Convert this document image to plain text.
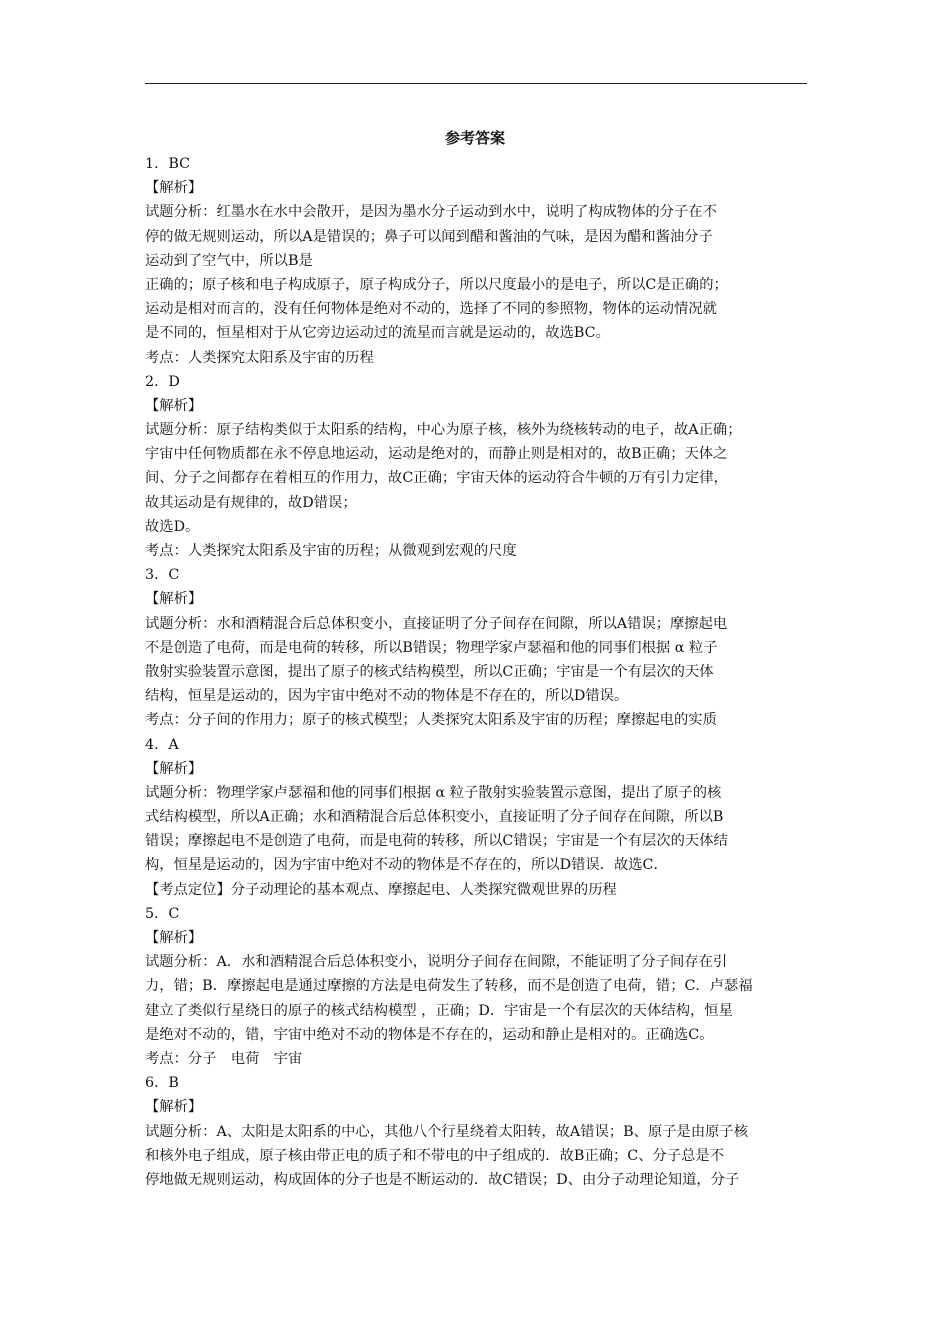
参考答案
1．BC
【解析】
试题分析：红墨水在水中会散开，是因为墨水分子运动到水中，说明了构成物体的分子在不
停的做无规则运动，所以A是错误的；鼻子可以闻到醋和酱油的气味，是因为醋和酱油分子
运动到了空气中，所以B是
正确的；原子核和电子构成原子，原子构成分子，所以尺度最小的是电子，所以C是正确的；
运动是相对而言的，没有任何物体是绝对不动的，选择了不同的参照物，物体的运动情况就
是不同的，恒星相对于从它旁边运动过的流星而言就是运动的，故选BC。
考点：人类探究太阳系及宇宙的历程
2．D
【解析】
试题分析：原子结构类似于太阳系的结构，中心为原子核，核外为绕核转动的电子，故A正确；
宇宙中任何物质都在永不停息地运动，运动是绝对的，而静止则是相对的，故B正确；天体之
间、分子之间都存在着相互的作用力，故C正确；宇宙天体的运动符合牛顿的万有引力定律，
故其运动是有规律的，故D错误；
故选D。
考点：人类探究太阳系及宇宙的历程；从微观到宏观的尺度
3．C
【解析】
试题分析：水和酒精混合后总体积变小，直接证明了分子间存在间隙，所以A错误；摩擦起电
不是创造了电荷，而是电荷的转移，所以B错误；物理学家卢瑟福和他的同事们根据 α 粒子
散射实验装置示意图，提出了原子的核式结构模型，所以C正确；宇宙是一个有层次的天体
结构，恒星是运动的，因为宇宙中绝对不动的物体是不存在的，所以D错误。
考点：分子间的作用力；原子的核式模型；人类探究太阳系及宇宙的历程；摩擦起电的实质
4．A
【解析】
试题分析：物理学家卢瑟福和他的同事们根据 α 粒子散射实验装置示意图，提出了原子的核
式结构模型，所以A正确；水和酒精混合后总体积变小，直接证明了分子间存在间隙，所以B
错误；摩擦起电不是创造了电荷，而是电荷的转移，所以C错误；宇宙是一个有层次的天体结
构，恒星是运动的，因为宇宙中绝对不动的物体是不存在的，所以D错误．故选C．
【考点定位】分子动理论的基本观点、摩擦起电、人类探究微观世界的历程
5．C
【解析】
试题分析：A．水和酒精混合后总体积变小，说明分子间存在间隙，不能证明了分子间存在引
力，错；B．摩擦起电是通过摩擦的方法是电荷发生了转移，而不是创造了电荷，错；C．卢瑟福
建立了类似行星绕日的原子的核式结构模型 ，正确；D．宇宙是一个有层次的天体结构，恒星
是绝对不动的，错，宇宙中绝对不动的物体是不存在的，运动和静止是相对的。正确选C。
考点：分子　电荷　宇宙
6．B
【解析】
试题分析：A、太阳是太阳系的中心，其他八个行星绕着太阳转，故A错误；B、原子是由原子核
和核外电子组成，原子核由带正电的质子和不带电的中子组成的．故B正确；C、分子总是不
停地做无规则运动，构成固体的分子也是不断运动的．故C错误；D、由分子动理论知道，分子
